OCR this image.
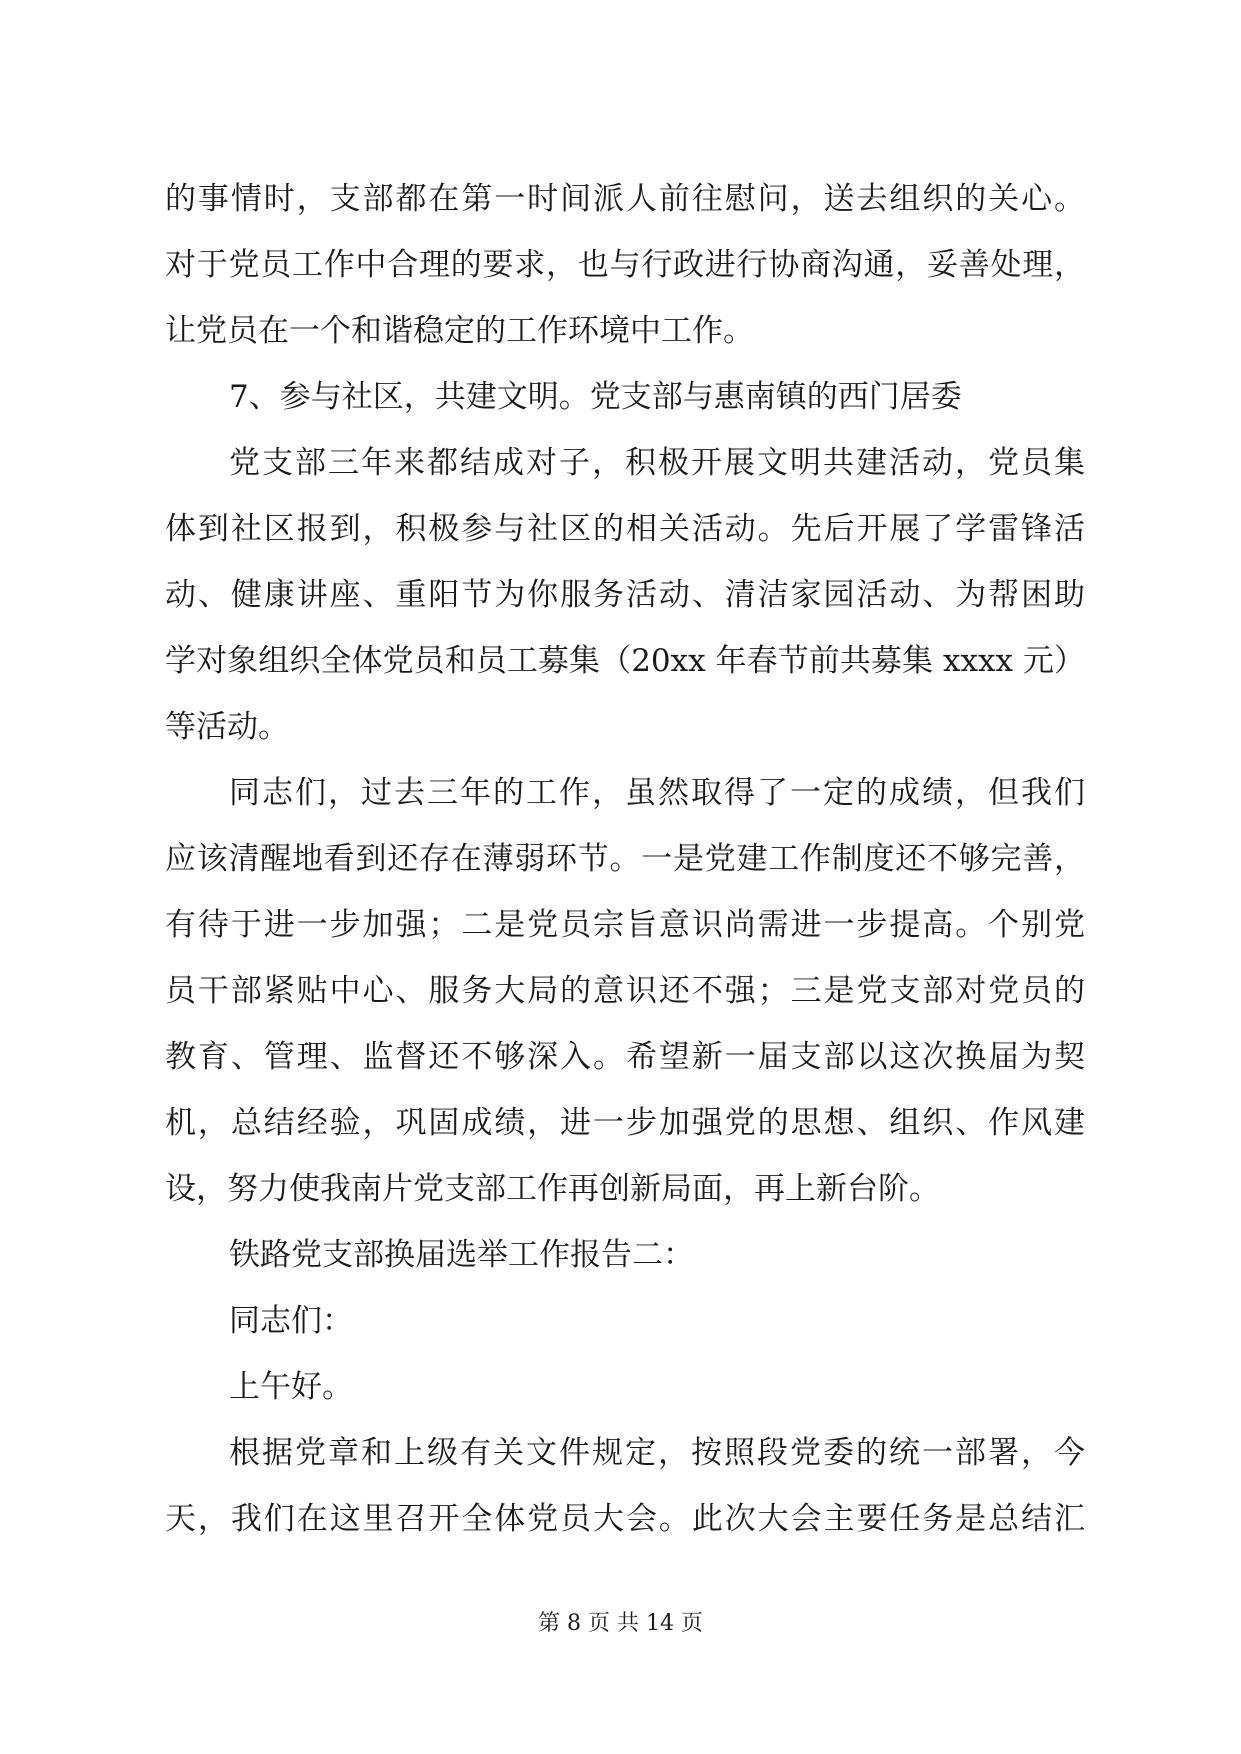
的事情时，支部都在第一时间派人前往慰问，送去组织的关心。
对于党员工作中合理的要求，也与行政进行协商沟通，妥善处理，
让党员在一个和谐稳定的工作环境中工作。
7、参与社区，共建文明。党支部与惠南镇的西门居委
党支部三年来都结成对子，积极开展文明共建活动，党员集
体到社区报到，积极参与社区的相关活动。先后开展了学雷锋活
动、健康讲座、重阳节为你服务活动、清洁家园活动、为帮困助
学对象组织全体党员和员工募集（20xx 年春节前共募集 xxxx 元）
等活动。
同志们，过去三年的工作，虽然取得了一定的成绩，但我们
应该清醒地看到还存在薄弱环节。一是党建工作制度还不够完善，
有待于进一步加强；二是党员宗旨意识尚需进一步提高。个别党
员干部紧贴中心、服务大局的意识还不强；三是党支部对党员的
教育、管理、监督还不够深入。希望新一届支部以这次换届为契
机，总结经验，巩固成绩，进一步加强党的思想、组织、作风建
设，努力使我南片党支部工作再创新局面，再上新台阶。
铁路党支部换届选举工作报告二：
同志们：
上午好。
根据党章和上级有关文件规定，按照段党委的统一部署，今
天，我们在这里召开全体党员大会。此次大会主要任务是总结汇
第 8 页 共 14 页
